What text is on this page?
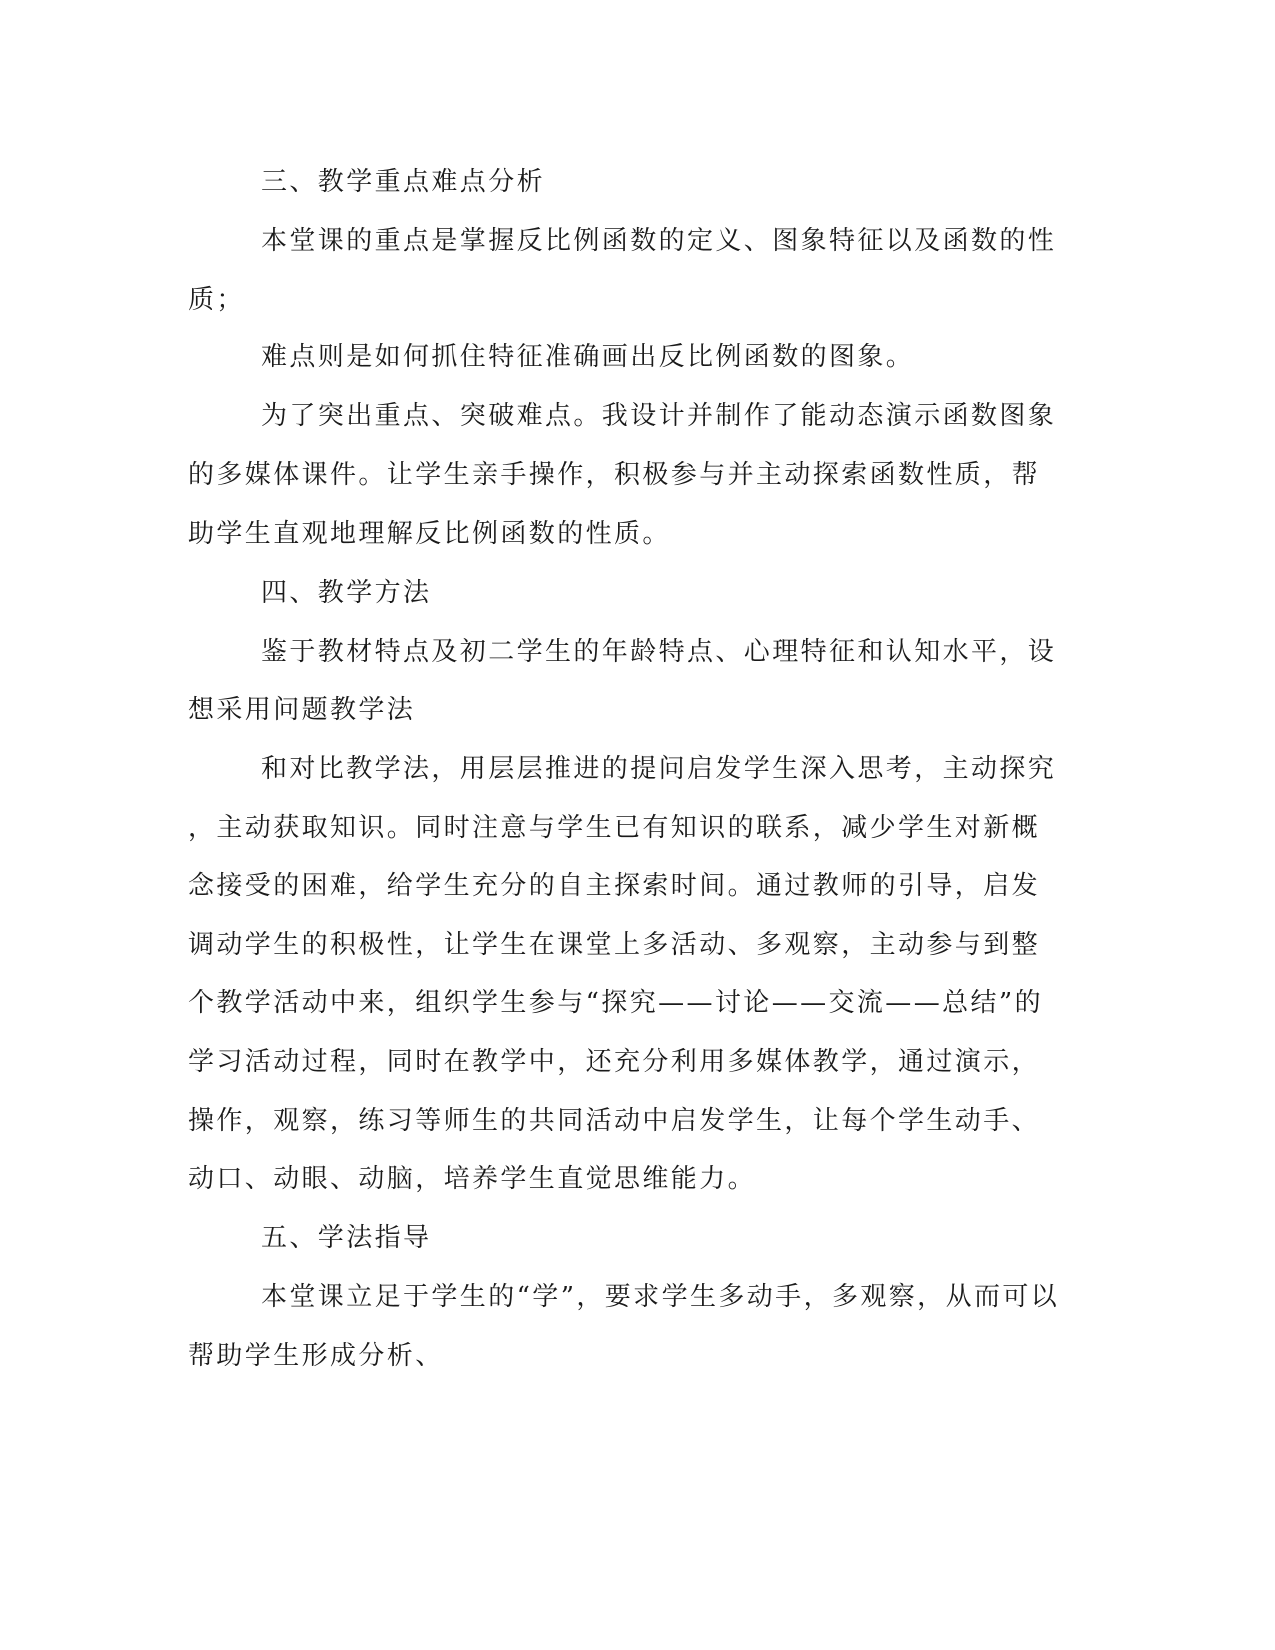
三、教学重点难点分析

本堂课的重点是掌握反比例函数的定义、图象特征以及函数的性

质；

难点则是如何抓住特征准确画出反比例函数的图象。

为了突出重点、突破难点。我设计并制作了能动态演示函数图象

的多媒体课件。让学生亲手操作，积极参与并主动探索函数性质，帮

助学生直观地理解反比例函数的性质。

四、教学方法

鉴于教材特点及初二学生的年龄特点、心理特征和认知水平，设

想采用问题教学法

和对比教学法，用层层推进的提问启发学生深入思考，主动探究

，主动获取知识。同时注意与学生已有知识的联系，减少学生对新概

念接受的困难，给学生充分的自主探索时间。通过教师的引导，启发

调动学生的积极性，让学生在课堂上多活动、多观察，主动参与到整

个教学活动中来，组织学生参与“探究——讨论——交流——总结”的

学习活动过程，同时在教学中，还充分利用多媒体教学，通过演示，

操作，观察，练习等师生的共同活动中启发学生，让每个学生动手、

动口、动眼、动脑，培养学生直觉思维能力。

五、学法指导

本堂课立足于学生的“学”，要求学生多动手，多观察，从而可以

帮助学生形成分析、
